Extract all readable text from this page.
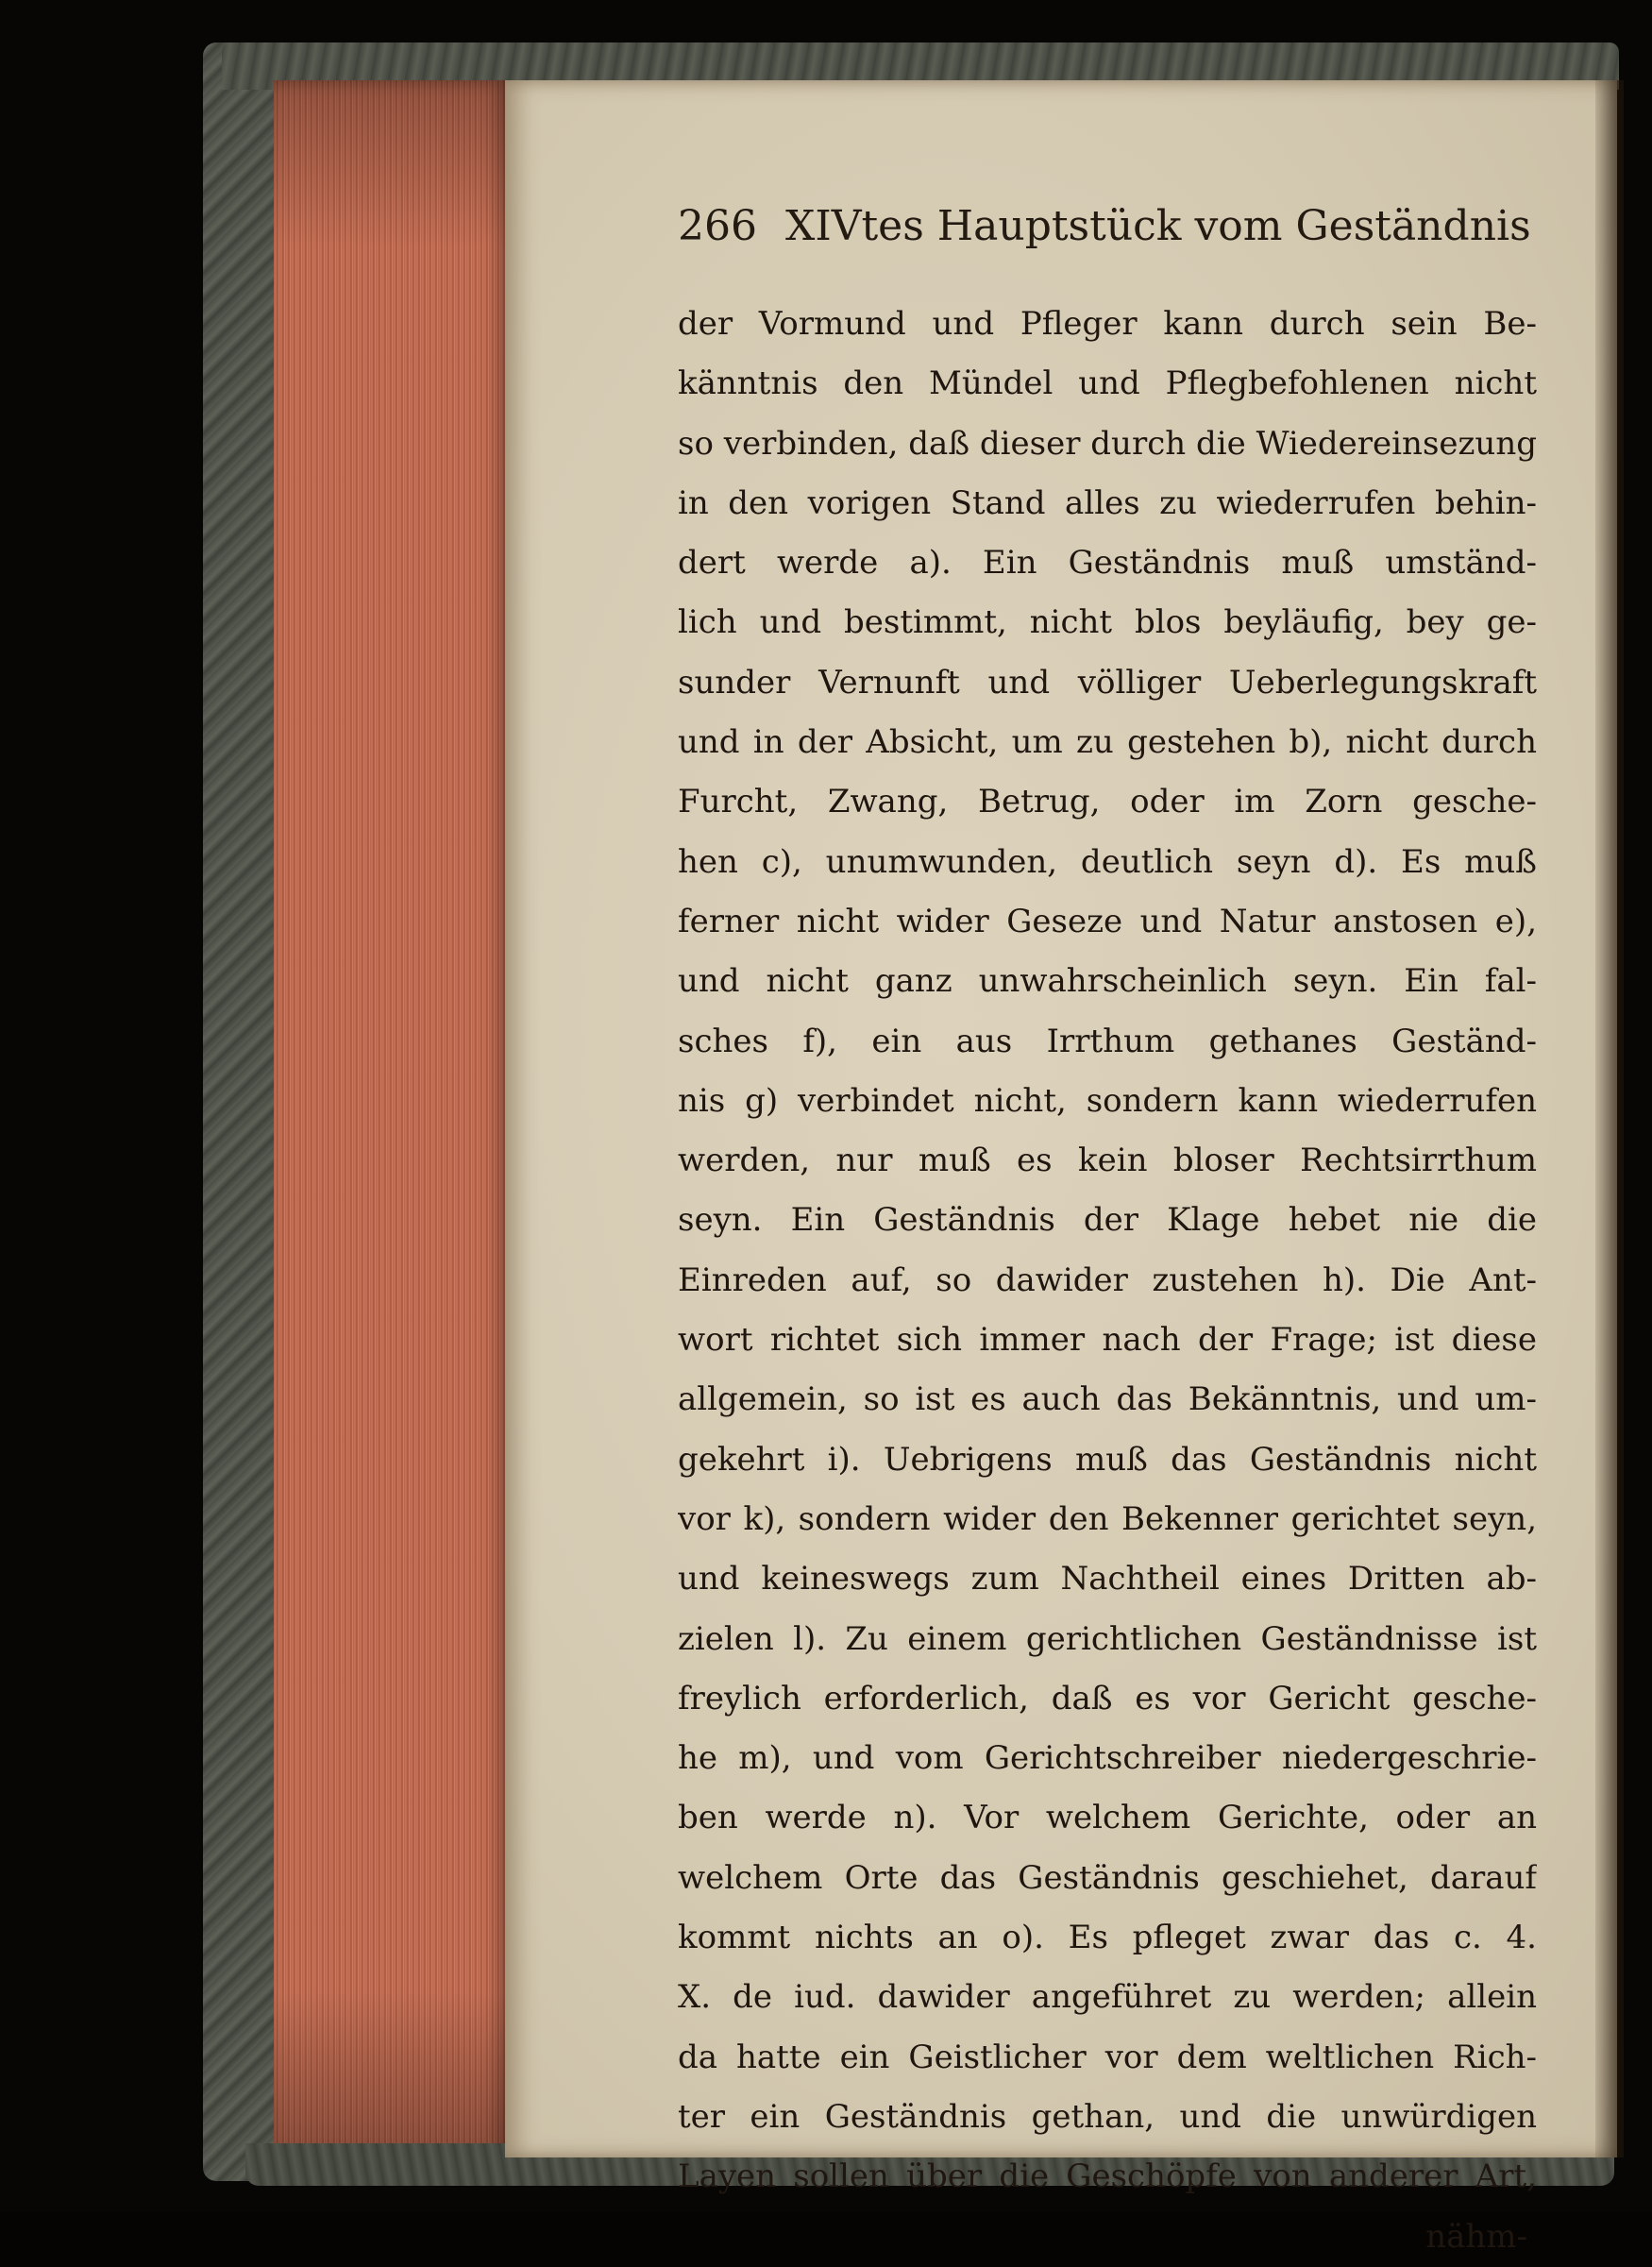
266 XIVtes Hauptstück vom Geständnis
der Vormund und Pfleger kann durch sein Be-
känntnis den Mündel und Pflegbefohlenen nicht
so verbinden, daß dieser durch die Wiedereinsezung
in den vorigen Stand alles zu wiederrufen behin-
dert werde a). Ein Geständnis muß umständ-
lich und bestimmt, nicht blos beyläufig, bey ge-
sunder Vernunft und völliger Ueberlegungskraft
und in der Absicht, um zu gestehen b), nicht durch
Furcht, Zwang, Betrug, oder im Zorn gesche-
hen c), unumwunden, deutlich seyn d). Es muß
ferner nicht wider Geseze und Natur anstosen e),
und nicht ganz unwahrscheinlich seyn. Ein fal-
sches f), ein aus Irrthum gethanes Geständ-
nis g) verbindet nicht, sondern kann wiederrufen
werden, nur muß es kein bloser Rechtsirrthum
seyn. Ein Geständnis der Klage hebet nie die
Einreden auf, so dawider zustehen h). Die Ant-
wort richtet sich immer nach der Frage; ist diese
allgemein, so ist es auch das Bekänntnis, und um-
gekehrt i). Uebrigens muß das Geständnis nicht
vor k), sondern wider den Bekenner gerichtet seyn,
und keineswegs zum Nachtheil eines Dritten ab-
zielen l). Zu einem gerichtlichen Geständnisse ist
freylich erforderlich, daß es vor Gericht gesche-
he m), und vom Gerichtschreiber niedergeschrie-
ben werde n). Vor welchem Gerichte, oder an
welchem Orte das Geständnis geschiehet, darauf
kommt nichts an o). Es pfleget zwar das c. 4.
X. de iud. dawider angeführet zu werden; allein
da hatte ein Geistlicher vor dem weltlichen Rich-
ter ein Geständnis gethan, und die unwürdigen
Layen sollen über die Geschöpfe von anderer Art,
nähm-
